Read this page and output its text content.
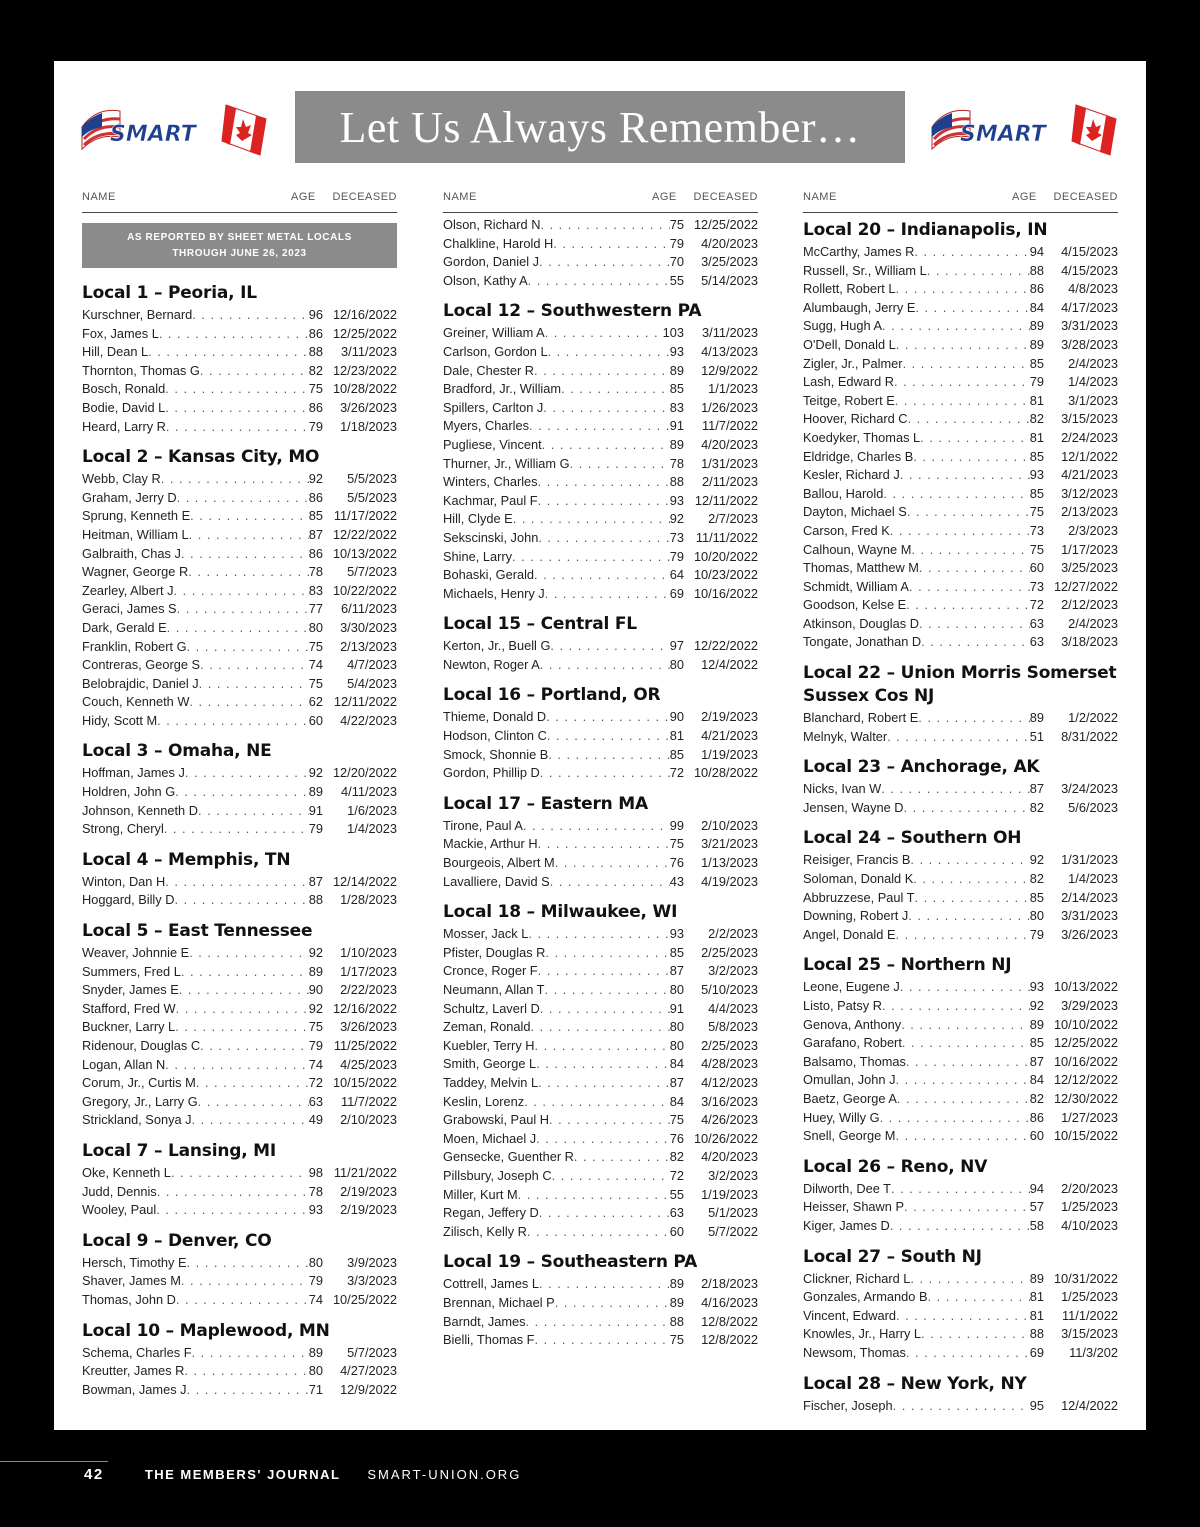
SMART	Let Us Always Remember…	SMART
NAME	AGE DECEASED
AS REPORTED BY SHEET METAL LOCALS
THROUGH JUNE 26, 2023
Local 1 – Peoria, IL
Kurschner, Bernard . . .	96 12/16/2022
Fox, James L . . .	86 12/25/2022
Hill, Dean L . . .	88	3/11/2023
Thornton, Thomas G . . .	82 12/23/2022
Bosch, Ronald . . .	75 10/28/2022
Bodie, David L . . .	86	3/26/2023
Heard, Larry R . . .	79	1/18/2023
Local 2 – Kansas City, MO
Webb, Clay R . . .	92	5/5/2023
Graham, Jerry D . . .	86	5/5/2023
Sprung, Kenneth E . . .	85 11/17/2022
Heitman, William L . . .	87 12/22/2022
Galbraith, Chas J . . .	86 10/13/2022
Wagner, George R . . .	78	5/7/2023
Zearley, Albert J . . .	83 10/22/2022
Geraci, James S . . .	77	6/11/2023
Dark, Gerald E . . .	80	3/30/2023
Franklin, Robert G . . .	75	2/13/2023
Contreras, George S . . .	74	4/7/2023
Belobrajdic, Daniel J . . .	75	5/4/2023
Couch, Kenneth W . . .	62 12/11/2022
Hidy, Scott M . . .	60	4/22/2023
Local 3 – Omaha, NE
Hoffman, James J . . .	92 12/20/2022
Holdren, John G . . .	89	4/11/2023
Johnson, Kenneth D . . .	91	1/6/2023
Strong, Cheryl . . .	79	1/4/2023
Local 4 – Memphis, TN
Winton, Dan H . . .	87 12/14/2022
Hoggard, Billy D . . .	88	1/28/2023
Local 5 – East Tennessee
Weaver, Johnnie E . . .	92	1/10/2023
Summers, Fred L . . .	89	1/17/2023
Snyder, James E . . .	90	2/22/2023
Stafford, Fred W . . .	92 12/16/2022
Buckner, Larry L . . .	75	3/26/2023
Ridenour, Douglas C . . .	79 11/25/2022
Logan, Allan N . . .	74	4/25/2023
Corum, Jr., Curtis M . . .	72 10/15/2022
Gregory, Jr., Larry G . . .	63	11/7/2022
Strickland, Sonya J . . .	49	2/10/2023
Local 7 – Lansing, MI
Oke, Kenneth L . . .	98 11/21/2022
Judd, Dennis . . .	78	2/19/2023
Wooley, Paul . . .	93	2/19/2023
Local 9 – Denver, CO
Hersch, Timothy E . . .	80	3/9/2023
Shaver, James M . . .	79	3/3/2023
Thomas, John D . . .	74 10/25/2022
Local 10 – Maplewood, MN
Schema, Charles F . . .	89	5/7/2023
Kreutter, James R . . .	80	4/27/2023
Bowman, James J . . .	71	12/9/2022
NAME	AGE DECEASED
Olson, Richard N . . .	75 12/25/2022
Chalkline, Harold H . . .	79	4/20/2023
Gordon, Daniel J . . .	70	3/25/2023
Olson, Kathy A . . .	55	5/14/2023
Local 12 – Southwestern PA
Greiner, William A . . .	103	3/11/2023
Carlson, Gordon L . . .	93	4/13/2023
Dale, Chester R . . .	89	12/9/2022
Bradford, Jr., William . . .	85	1/1/2023
Spillers, Carlton J . . .	83	1/26/2023
Myers, Charles . . .	91	11/7/2022
Pugliese, Vincent . . .	89	4/20/2023
Thurner, Jr., William G . . .	78	1/31/2023
Winters, Charles . . .	88	2/11/2023
Kachmar, Paul F . . .	93 12/11/2022
Hill, Clyde E . . .	92	2/7/2023
Sekscinski, John . . .	73 11/11/2022
Shine, Larry . . .	79 10/20/2022
Bohaski, Gerald . . .	64 10/23/2022
Michaels, Henry J . . .	69 10/16/2022
Local 15 – Central FL
Kerton, Jr., Buell G . . .	97 12/22/2022
Newton, Roger A . . .	80	12/4/2022
Local 16 – Portland, OR
Thieme, Donald D . . .	90	2/19/2023
Hodson, Clinton C . . .	81	4/21/2023
Smock, Shonnie B . . .	85	1/19/2023
Gordon, Phillip D . . .	72 10/28/2022
Local 17 – Eastern MA
Tirone, Paul A . . .	99	2/10/2023
Mackie, Arthur H . . .	75	3/21/2023
Bourgeois, Albert M . . .	76	1/13/2023
Lavalliere, David S . . .	43	4/19/2023
Local 18 – Milwaukee, WI
Mosser, Jack L . . .	93	2/2/2023
Pfister, Douglas R . . .	85	2/25/2023
Cronce, Roger F . . .	87	3/2/2023
Neumann, Allan T . . .	80	5/10/2023
Schultz, Laverl D . . .	91	4/4/2023
Zeman, Ronald . . .	80	5/8/2023
Kuebler, Terry H . . .	80	2/25/2023
Smith, George L . . .	84	4/28/2023
Taddey, Melvin L . . .	87	4/12/2023
Keslin, Lorenz . . .	84	3/16/2023
Grabowski, Paul H . . .	75	4/26/2023
Moen, Michael J . . .	76 10/26/2022
Gensecke, Guenther R . . .	82	4/20/2023
Pillsbury, Joseph C . . .	72	3/2/2023
Miller, Kurt M . . .	55	1/19/2023
Regan, Jeffery D . . .	63	5/1/2023
Zilisch, Kelly R . . .	60	5/7/2022
Local 19 – Southeastern PA
Cottrell, James L . . .	89	2/18/2023
Brennan, Michael P . . .	89	4/16/2023
Barndt, James . . .	88	12/8/2022
Bielli, Thomas F . . .	75	12/8/2022
NAME	AGE DECEASED
Local 20 – Indianapolis, IN
McCarthy, James R . . .	94	4/15/2023
Russell, Sr., William L . . .	88	4/15/2023
Rollett, Robert L . . .	86	4/8/2023
Alumbaugh, Jerry E . . .	84	4/17/2023
Sugg, Hugh A . . .	89	3/31/2023
O'Dell, Donald L . . .	89	3/28/2023
Zigler, Jr., Palmer . . .	85	2/4/2023
Lash, Edward R . . .	79	1/4/2023
Teitge, Robert E . . .	81	3/1/2023
Hoover, Richard C . . .	82	3/15/2023
Koedyker, Thomas L . . .	81	2/24/2023
Eldridge, Charles B . . .	85	12/1/2022
Kesler, Richard J . . .	93	4/21/2023
Ballou, Harold . . .	85	3/12/2023
Dayton, Michael S . . .	75	2/13/2023
Carson, Fred K . . .	73	2/3/2023
Calhoun, Wayne M . . .	75	1/17/2023
Thomas, Matthew M . . .	60	3/25/2023
Schmidt, William A . . .	73 12/27/2022
Goodson, Kelse E . . .	72	2/12/2023
Atkinson, Douglas D . . .	63	2/4/2023
Tongate, Jonathan D . . .	63	3/18/2023
Local 22 – Union Morris Somerset Sussex Cos NJ
Blanchard, Robert E . . .	89	1/2/2022
Melnyk, Walter . . .	51	8/31/2022
Local 23 – Anchorage, AK
Nicks, Ivan W . . .	87	3/24/2023
Jensen, Wayne D . . .	82	5/6/2023
Local 24 – Southern OH
Reisiger, Francis B . . .	92	1/31/2023
Soloman, Donald K . . .	82	1/4/2023
Abbruzzese, Paul T . . .	85	2/14/2023
Downing, Robert J . . .	80	3/31/2023
Angel, Donald E . . .	79	3/26/2023
Local 25 – Northern NJ
Leone, Eugene J . . .	93 10/13/2022
Listo, Patsy R . . .	92	3/29/2023
Genova, Anthony . . .	89 10/10/2022
Garafano, Robert . . .	85 12/25/2022
Balsamo, Thomas . . .	87 10/16/2022
Omullan, John J . . .	84 12/12/2022
Baetz, George A . . .	82 12/30/2022
Huey, Willy G . . .	86	1/27/2023
Snell, George M . . .	60 10/15/2022
Local 26 – Reno, NV
Dilworth, Dee T . . .	94	2/20/2023
Heisser, Shawn P . . .	57	1/25/2023
Kiger, James D . . .	58	4/10/2023
Local 27 – South NJ
Clickner, Richard L . . .	89 10/31/2022
Gonzales, Armando B . . .	81	1/25/2023
Vincent, Edward . . .	81	11/1/2022
Knowles, Jr., Harry L . . .	88	3/15/2023
Newsom, Thomas . . .	69	11/3/202
Local 28 – New York, NY
Fischer, Joseph . . .	95	12/4/2022
42	THE MEMBERS' JOURNAL SMART-UNION.ORG
